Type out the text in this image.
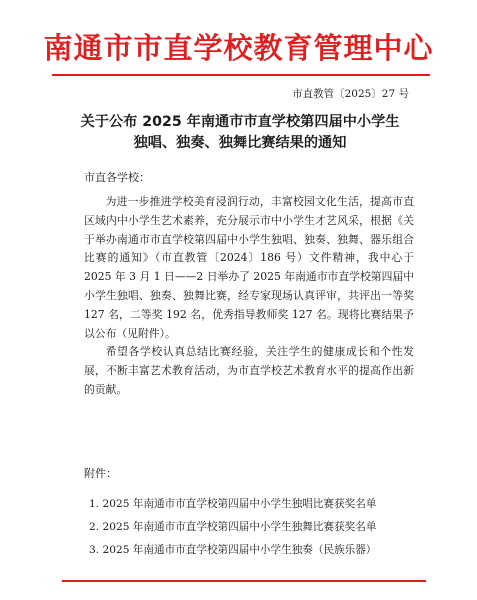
南通市市直学校教育管理中心
市直教管〔2025〕27 号
关于公布 2025 年南通市市直学校第四届中小学生
独唱、独奏、独舞比赛结果的通知
市直各学校：

为进一步推进学校美育浸润行动，丰富校园文化生活，提高市直区域内中小学生艺术素养，充分展示市中小学生才艺风采，根据《关于举办南通市市直学校第四届中小学生独唱、独奏、独舞、器乐组合比赛的通知》（市直教管〔2024〕186 号）文件精神，我中心于 2025 年 3 月 1 日——2 日举办了 2025 年南通市市直学校第四届中小学生独唱、独奏、独舞比赛，经专家现场认真评审，共评出一等奖 127 名，二等奖 192 名，优秀指导教师奖 127 名。现将比赛结果予以公布（见附件）。

希望各学校认真总结比赛经验，关注学生的健康成长和个性发展，不断丰富艺术教育活动，为市直学校艺术教育水平的提高作出新的贡献。

附件：
1. 2025 年南通市市直学校第四届中小学生独唱比赛获奖名单
2. 2025 年南通市市直学校第四届中小学生独舞比赛获奖名单
3. 2025 年南通市市直学校第四届中小学生独奏（民族乐器）
